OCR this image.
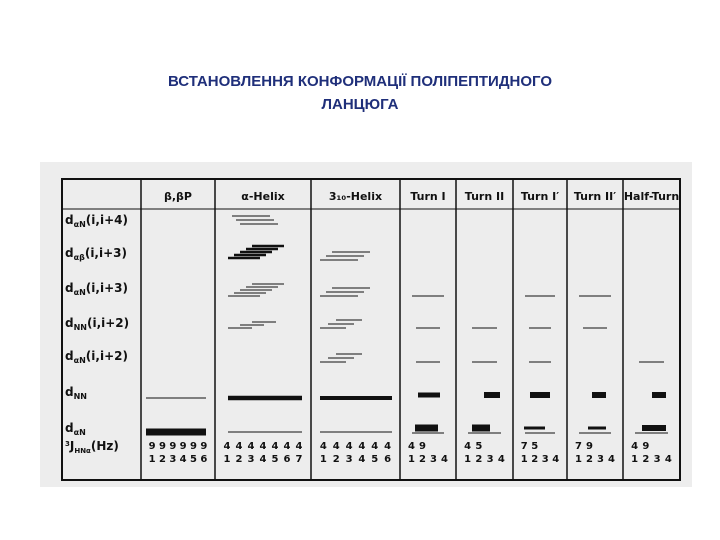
ВСТАНОВЛЕННЯ КОНФОРМАЦІЇ ПОЛІПЕПТИДНОГО
ЛАНЦЮГА
$d_{\alpha N}(i,i+4)$
$d_{\alpha\beta}(i,i+3)$
$d_{\alpha N}(i,i+3)$
$d_{NN}(i,i+2)$
$d_{\alpha N}(i,i+2)$
$d_{NN}$
$d_{\alpha N}$
$^3J_{HN\alpha}(Hz)$
β,βP
1 2 3 4 5 6
9 9 9 9 9 9
α-Helix
1 2 3 4 5 6 7
4 4 4 4 4 4 4
3₁₀-Helix
1 2 3 4 5 6
4 4 4 4 4 4
Turn I
1 2 3 4
4 9
Turn II
1 2 3 4
4 5
Turn I′
1 2 3 4
7 5
Turn II′
1 2 3 4
7 9
Half-Turn
1 2 3 4
4 9
